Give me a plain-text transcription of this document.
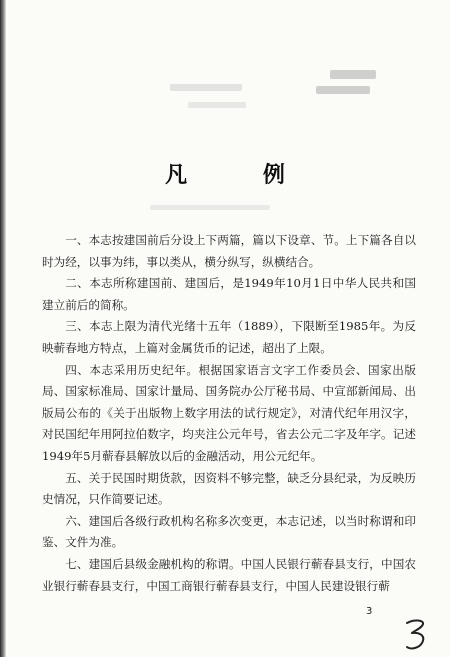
凡 例

一、本志按建国前后分设上下两篇，篇以下设章、节。上下篇各自以时为经，以事为纬，事以类从，横分纵写，纵横结合。

二、本志所称建国前、建国后，是1949年10月1日中华人民共和国建立前后的简称。

三、本志上限为清代光绪十五年（1889），下限断至1985年。为反映蕲春地方特点，上篇对金属货币的记述，超出了上限。

四、本志采用历史纪年。根据国家语言文字工作委员会、国家出版局、国家标准局、国家计量局、国务院办公厅秘书局、中宣部新闻局、出版局公布的《关于出版物上数字用法的试行规定》，对清代纪年用汉字，对民国纪年用阿拉伯数字，均夹注公元年号，省去公元二字及年字。记述1949年5月蕲春县解放以后的金融活动，用公元纪年。

五、关于民国时期货款，因资料不够完整，缺乏分县纪录，为反映历史情况，只作简要记述。

六、建国后各级行政机构名称多次变更，本志记述，以当时称谓和印鉴、文件为准。

七、建国后县级金融机构的称谓。中国人民银行蕲春县支行，中国农业银行蕲春县支行，中国工商银行蕲春县支行，中国人民建设银行蕲

3
